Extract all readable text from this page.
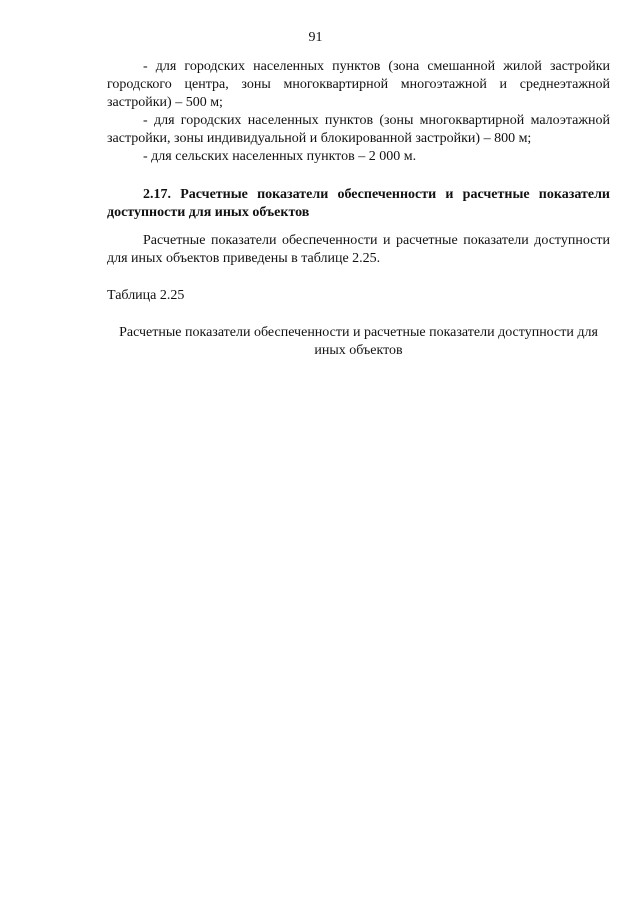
91

- для городских населенных пунктов (зона смешанной жилой застройки городского центра, зоны многоквартирной многоэтажной и среднеэтажной застройки) – 500 м;

- для городских населенных пунктов (зоны многоквартирной малоэтажной застройки, зоны индивидуальной и блокированной застройки) – 800 м;

- для сельских населенных пунктов – 2 000 м.

2.17. Расчетные показатели обеспеченности и расчетные показатели доступности для иных объектов

Расчетные показатели обеспеченности и расчетные показатели доступности для иных объектов приведены в таблице 2.25.

Таблица 2.25

Расчетные показатели обеспеченности и расчетные показатели доступности для иных объектов
